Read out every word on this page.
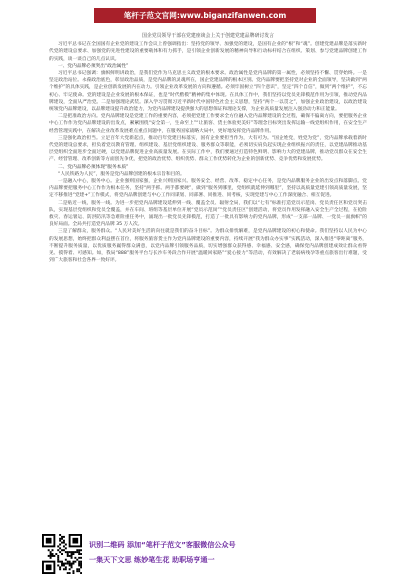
笔杆子范文官网:www.biganzifanwen.com
国企党员领导干部在党建座谈会上关于创建党建品牌研讨发言

习近平总书记在全国国有企业党的建设工作会议上曾强调指出：坚持党的领导、加强党的建设，是国有企业的“根”和“魂”。创建党建品牌是落实新时代党的建设总要求、加强党的先进性建设的重要载体和有力抓手，是引领企业创新发展的精神向导和行动标杆结合在组织、策划、参与党建品牌创建工作的实践，谈一谈自己的几点认识。

一、党内品牌必须突出“政治属性”

习近平总书记强调：旗帜鲜明讲政治，是我们党作为马克思主义政党的根本要求。政治属性是党内品牌的第一属性，必须坚持不懈、贯穿始终。一是坚定政治站位。永葆政治底色，彰显政治品质，是党内品牌的灵魂所在，国企党建品牌的根本区别。党内品牌要把坚持党对企业的全面领导，坚决做到“两个维护”的具体实践，是企业创新发展的内在动力。引领企业改革发展的方向和遵循。必须牢固树立“四个意识”，坚定“四个自信”，做到“两个维护”，不忘初心、牢记使命。党的建设是企业发展的根本保证，也是“时代楷模”精神的集中体现。在具体工作中，我们坚持以党员先锋模范作用为引领，推动党内品牌建设，全面从严治党。二是加强理论武装。深入学习贯彻习近平新时代中国特色社会主义思想，坚持“两个一以贯之”，加强企业政治建设，以政治建设统领党内品牌建设，以品牌建设提升政治能力，为党内品牌建设提供强大的思想保证和理论支撑，为企业高质量发展注入强劲动力和正能量。

二是把准政治方向。党内品牌建设是党建工作的重要内容，必须把党建工作要求全方位融入党内品牌建设的全过程，确保不偏离方向，要把服务企业中心工作作为党内品牌建设的出发点，紧紧围绕“安全第一，生命至上”“让旅客、货主体验更美好”等理念目标突出发挥运输一线党组织作用，在安全生产经营管理实践中，在解决企业改革发展难点重点问题中，在服务国家战略大局中，更好地发挥党内品牌作用。

三是强化政治担当。立足百年大党新起点，推动百年党建目标落实，国有企业要担当作为，大有可为。“国企姓党，姓党为党”，党内品牌承载着新时代党的建设总要求，担负着党员教育管理、组织建设、基层党组织建设、服务群众等职能，必须切实肩负起实现企业组织振兴的责任，以党建品牌推动基层党组织全面进步全面过硬，以党建品牌促进企业高质量发展。在实际工作中，我们要通过打造特色鲜明、影响力大的党建品牌，推动党员群众在安全生产、经营管理、改革创新等方面创先争优，把党的政治优势、组织优势、群众工作优势转化为企业的创新优势、竞争优势和发展优势。

二、党内品牌必须体现“服务本质”

“人民铁路为人民”，服务是党内品牌创建的根本宗旨和目的。

一是融入中心，服务中心。企业强则国家强，企业兴则国家兴。服务安全、经营、改革、稳定中心任务，是党内品牌服务企业的出发点和落脚点。党内品牌要把服务中心工作作为根本任务，坚持“两手抓、两手都要硬”，做到“服务到哪里，党组织就延伸到哪里”，坚持以高质量党建引领高质量发展，坚定不移推进“党建+”工作模式，将党内品牌创建与中心工作同谋划、同部署、同推进、同考核，实现党建与中心工作深度融合、相互促进。

二是贴近一线，服务一线。为进一步把党内品牌建设延伸到一线、覆盖全员、辐射全局，我们以“七有”标准打造党员示范岗、党员责任区和党员突击队，实现基层党组织和党员全覆盖，并在车间、班组等基层单位开展“党员示范岗”“党员责任区”创建活动，将党员作用发挥融入安全生产全过程，在抢险救灾、春运暑运、防洪防汛等急难险重任务中，涌现出一批党员先锋模范，打造了一批具有影响力的党内品牌，形成“一支部一品牌、一党员一面旗帜”的良好局面。全局共打造党内品牌 35 万人次。

三是了解群众，服务群众。“人民对美好生活的向往就是我们的奋斗目标”。为群众排忧解难，是党内品牌建设的初心和使命。我们坚持以人民为中心的发展思想，始终把群众利益摆在首位，将服务旅客货主作为党内品牌建设的重要内容，持续开展“我为群众办实事”实践活动，深入推进“零距离”服务，不断提升服务质量，以优质服务赢得群众满意，以党内品牌引领服务品质，切实增强群众获得感、幸福感、安全感，确保党内品牌创建成效让群众看得见、摸得着、可感知。如，我局“888”服务平台与长沙车务段合作开展“温暖回家路”“爱心接力”等活动，有效解决了老弱病残孕等重点旅客出行难题，受到广大旅客和社会各界一致好评。

识别二维码 添加“笔杆子范文”客服微信公众号
一集天下文思 练妙笔生花 助职场亨通一
